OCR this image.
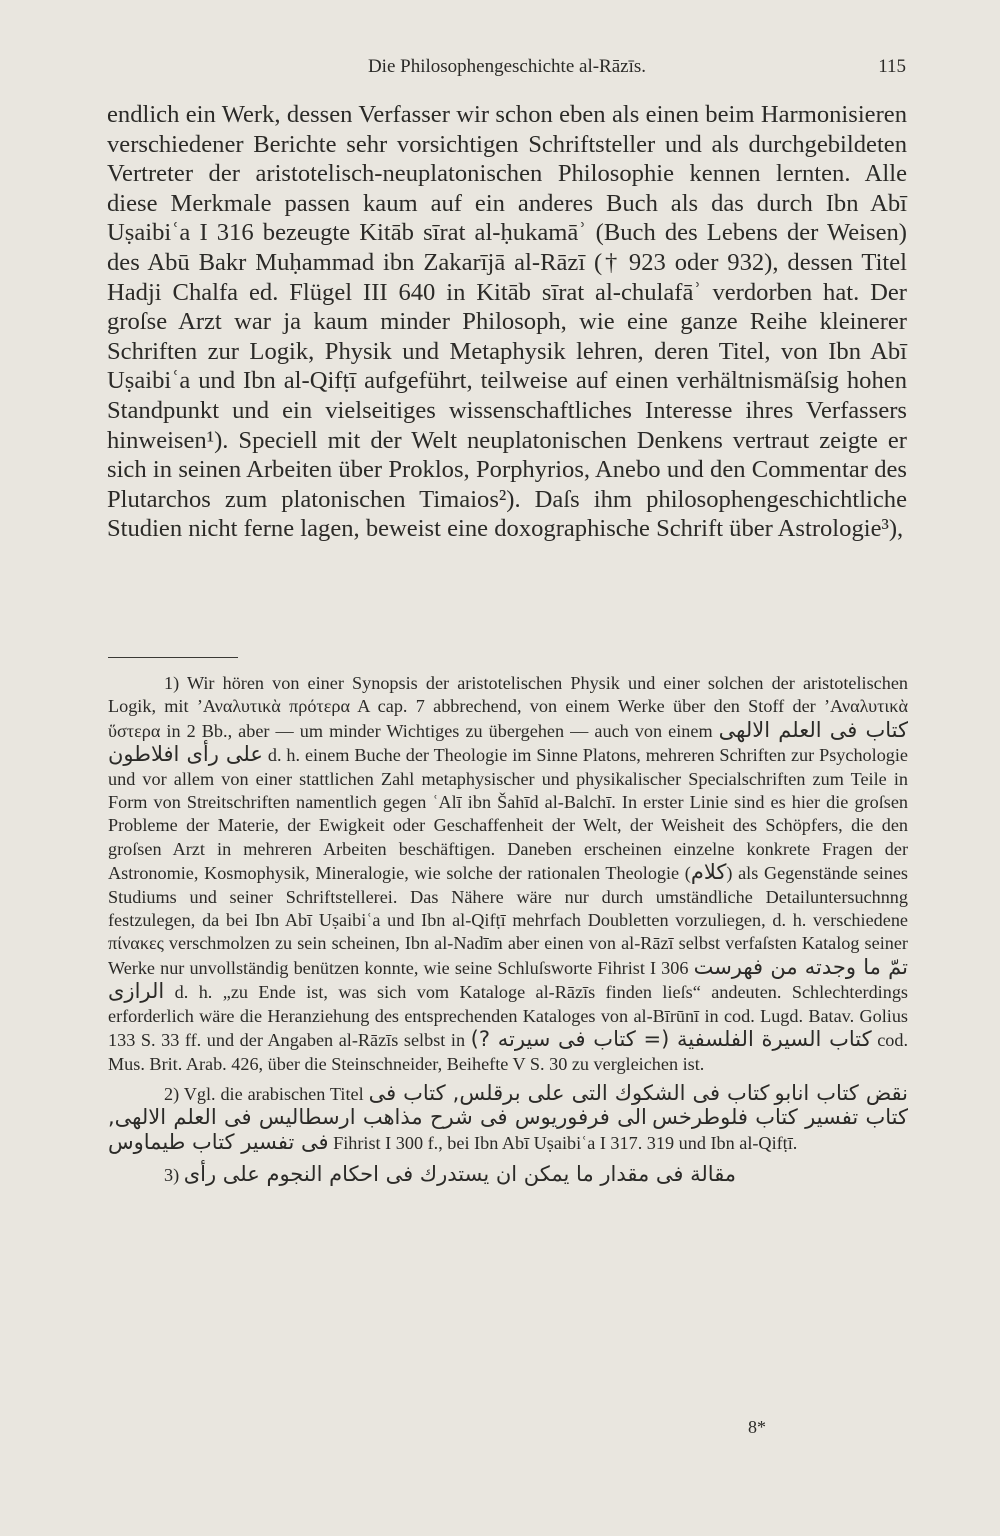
Die Philosophengeschichte al-Rāzīs.	115

endlich ein Werk, dessen Verfasser wir schon eben als einen beim Harmonisieren verschiedener Berichte sehr vorsichtigen Schriftsteller und als durchgebildeten Vertreter der aristotelisch-neuplatonischen Philosophie kennen lernten. Alle diese Merkmale passen kaum auf ein anderes Buch als das durch Ibn Abī Uṣaibiʿa I 316 bezeugte Kitāb sīrat al-ḥukamāʾ (Buch des Lebens der Weisen) des Abū Bakr Muḥammad ibn Zakarījā al-Rāzī († 923 oder 932), dessen Titel Hadji Chalfa ed. Flügel III 640 in Kitāb sīrat al-chulafāʾ verdorben hat. Der groſse Arzt war ja kaum minder Philosoph, wie eine ganze Reihe kleinerer Schriften zur Logik, Physik und Metaphysik lehren, deren Titel, von Ibn Abī Uṣaibiʿa und Ibn al-Qifṭī aufgeführt, teilweise auf einen verhältnismäſsig hohen Standpunkt und ein vielseitiges wissenschaftliches Interesse ihres Verfassers hinweisen¹). Speciell mit der Welt neuplatonischen Denkens vertraut zeigte er sich in seinen Arbeiten über Proklos, Porphyrios, Anebo und den Commentar des Plutarchos zum platonischen Timaios²). Daſs ihm philosophengeschichtliche Studien nicht ferne lagen, beweist eine doxographische Schrift über Astrologie³),

1) Wir hören von einer Synopsis der aristotelischen Physik und einer solchen der aristotelischen Logik, mit ʼΑναλυτικὰ πρότερα Α cap. 7 abbrechend, von einem Werke über den Stoff der ʼΑναλυτικὰ ὕστερα in 2 Bb., aber — um minder Wichtiges zu übergehen — auch von einem كتاب فى العلم الالهى على رأى افلاطون d. h. einem Buche der Theologie im Sinne Platons, mehreren Schriften zur Psychologie und vor allem von einer stattlichen Zahl metaphysischer und physikalischer Specialschriften zum Teile in Form von Streitschriften namentlich gegen ʿAlī ibn Šahīd al-Balchī. In erster Linie sind es hier die groſsen Probleme der Materie, der Ewigkeit oder Geschaffenheit der Welt, der Weisheit des Schöpfers, die den groſsen Arzt in mehreren Arbeiten beschäftigen. Daneben erscheinen einzelne konkrete Fragen der Astronomie, Kosmophysik, Mineralogie, wie solche der rationalen Theologie (كلام) als Gegenstände seines Studiums und seiner Schriftstellerei. Das Nähere wäre nur durch umständliche Detailuntersuchnng festzulegen, da bei Ibn Abī Uṣaibiʿa und Ibn al-Qifṭī mehrfach Doubletten vorzuliegen, d. h. verschiedene πίνακες verschmolzen zu sein scheinen, Ibn al-Nadīm aber einen von al-Rāzī selbst verfaſsten Katalog seiner Werke nur unvollständig benützen konnte, wie seine Schluſsworte Fihrist I 306 تمّ ما وجدته من فهرست الرازى d. h. „zu Ende ist, was sich vom Kataloge al-Rāzīs finden lieſs“ andeuten. Schlechterdings erforderlich wäre die Heranziehung des entsprechenden Kataloges von al-Bīrūnī in cod. Lugd. Batav. Golius 133 S. 33 ff. und der Angaben al-Rāzīs selbst in كتاب السيرة الفلسفية (= كتاب فى سيرته ?) cod. Mus. Brit. Arab. 426, über die Steinschneider, Beihefte V S. 30 zu vergleichen ist.

2) Vgl. die arabischen Titel كتاب فى الشكوك التى على برقلس, كتاب فى نقض كتاب انابو الى فرفوريوس فى شرح مذاهب ارسطاليس فى العلم الالهى, كتاب تفسير كتاب فلوطرخس فى تفسير كتاب طيماوس Fihrist I 300 f., bei Ibn Abī Uṣaibiʿa I 317. 319 und Ibn al-Qifṭī.

3) مقالة فى مقدار ما يمكن ان يستدرك فى احكام النجوم على رأى

8*
